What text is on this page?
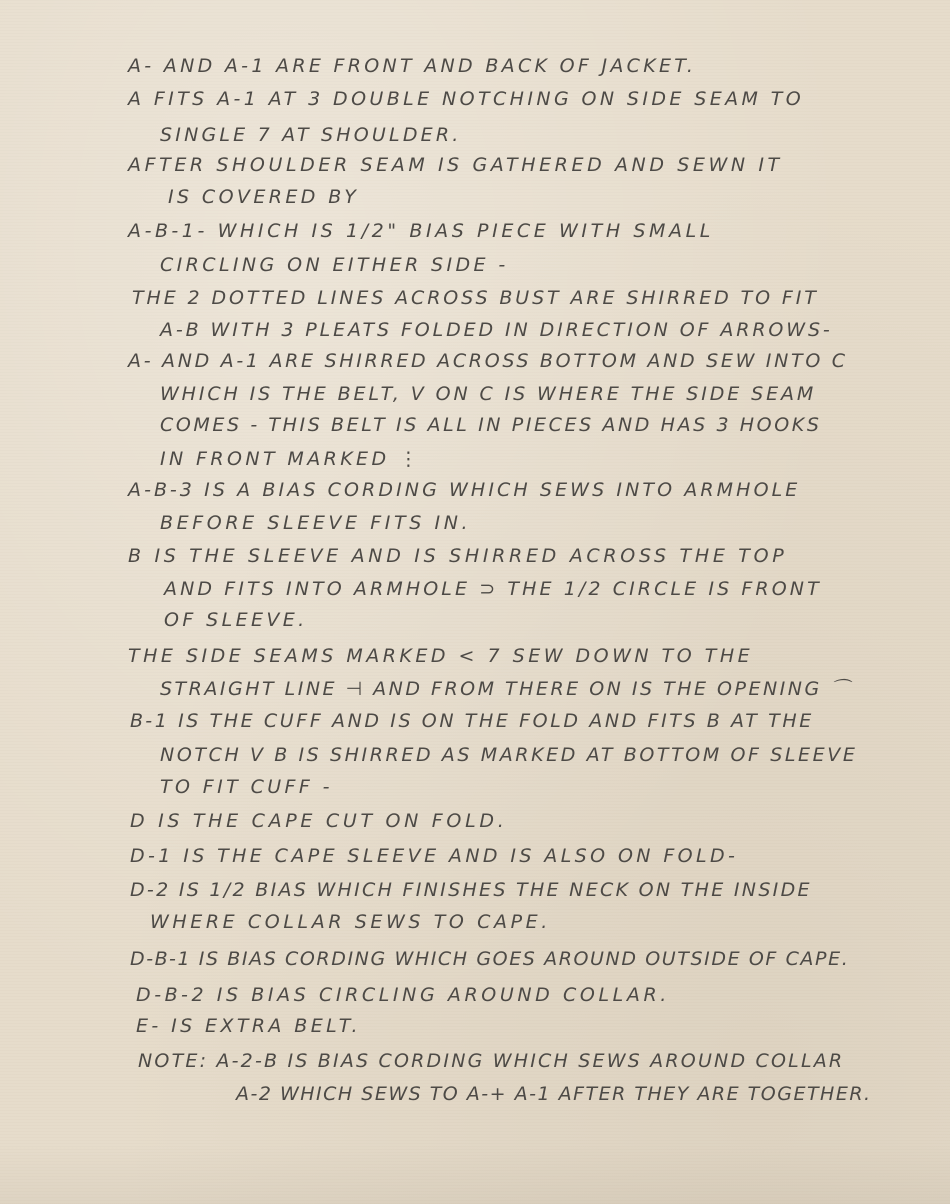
A- AND A-1 ARE FRONT AND BACK OF JACKET.

A FITS A-1 AT 3 DOUBLE NOTCHING ON SIDE SEAM TO

SINGLE 7 AT SHOULDER.

AFTER SHOULDER SEAM IS GATHERED AND SEWN IT

IS COVERED BY

A-B-1- WHICH IS 1/2" BIAS PIECE WITH SMALL

CIRCLING ON EITHER SIDE -

THE 2 DOTTED LINES ACROSS BUST ARE SHIRRED TO FIT

A-B WITH 3 PLEATS FOLDED IN DIRECTION OF ARROWS-

A- AND A-1 ARE SHIRRED ACROSS BOTTOM AND SEW INTO C

WHICH IS THE BELT, V ON C IS WHERE THE SIDE SEAM

COMES - THIS BELT IS ALL IN PIECES AND HAS 3 HOOKS

IN FRONT MARKED ⋮

A-B-3 IS A BIAS CORDING WHICH SEWS INTO ARMHOLE

BEFORE SLEEVE FITS IN.

B IS THE SLEEVE AND IS SHIRRED ACROSS THE TOP

AND FITS INTO ARMHOLE ⊃ THE 1/2 CIRCLE IS FRONT

OF SLEEVE.

THE SIDE SEAMS MARKED < 7 SEW DOWN TO THE

STRAIGHT LINE ⊣ AND FROM THERE ON IS THE OPENING ⌒

B-1 IS THE CUFF AND IS ON THE FOLD AND FITS B AT THE

NOTCH V B IS SHIRRED AS MARKED AT BOTTOM OF SLEEVE

TO FIT CUFF -

D IS THE CAPE CUT ON FOLD.

D-1 IS THE CAPE SLEEVE AND IS ALSO ON FOLD-

D-2 IS 1/2 BIAS WHICH FINISHES THE NECK ON THE INSIDE

WHERE COLLAR SEWS TO CAPE.

D-B-1 IS BIAS CORDING WHICH GOES AROUND OUTSIDE OF CAPE.

D-B-2 IS BIAS CIRCLING AROUND COLLAR.

E- IS EXTRA BELT.

NOTE: A-2-B IS BIAS CORDING WHICH SEWS AROUND COLLAR

A-2 WHICH SEWS TO A-+ A-1 AFTER THEY ARE TOGETHER.
